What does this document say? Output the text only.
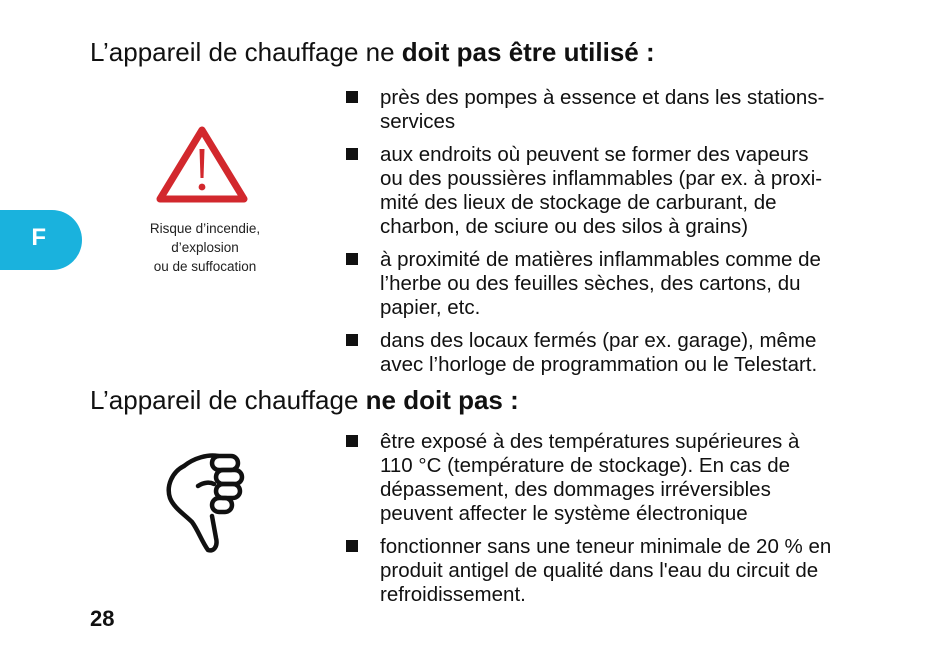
F
L’appareil de chauffage ne doit pas être utilisé :
Risque d’incendie,
d’explosion
ou de suffocation
près des pompes à essence et dans les stations-
services
aux endroits où peuvent se former des vapeurs
ou des poussières inflammables (par ex. à proxi-
mité des lieux de stockage de carburant, de
charbon, de sciure ou des silos à grains)
à proximité de matières inflammables comme de
l’herbe ou des feuilles sèches, des cartons, du
papier, etc.
dans des locaux fermés (par ex. garage), même
avec l’horloge de programmation ou le Telestart.
L’appareil de chauffage ne doit pas :
être exposé à des températures supérieures à
110 °C (température de stockage). En cas de
dépassement, des dommages irréversibles
peuvent affecter le système électronique
fonctionner sans une teneur minimale de 20 % en
produit antigel de qualité dans l'eau du circuit de
refroidissement.
28
